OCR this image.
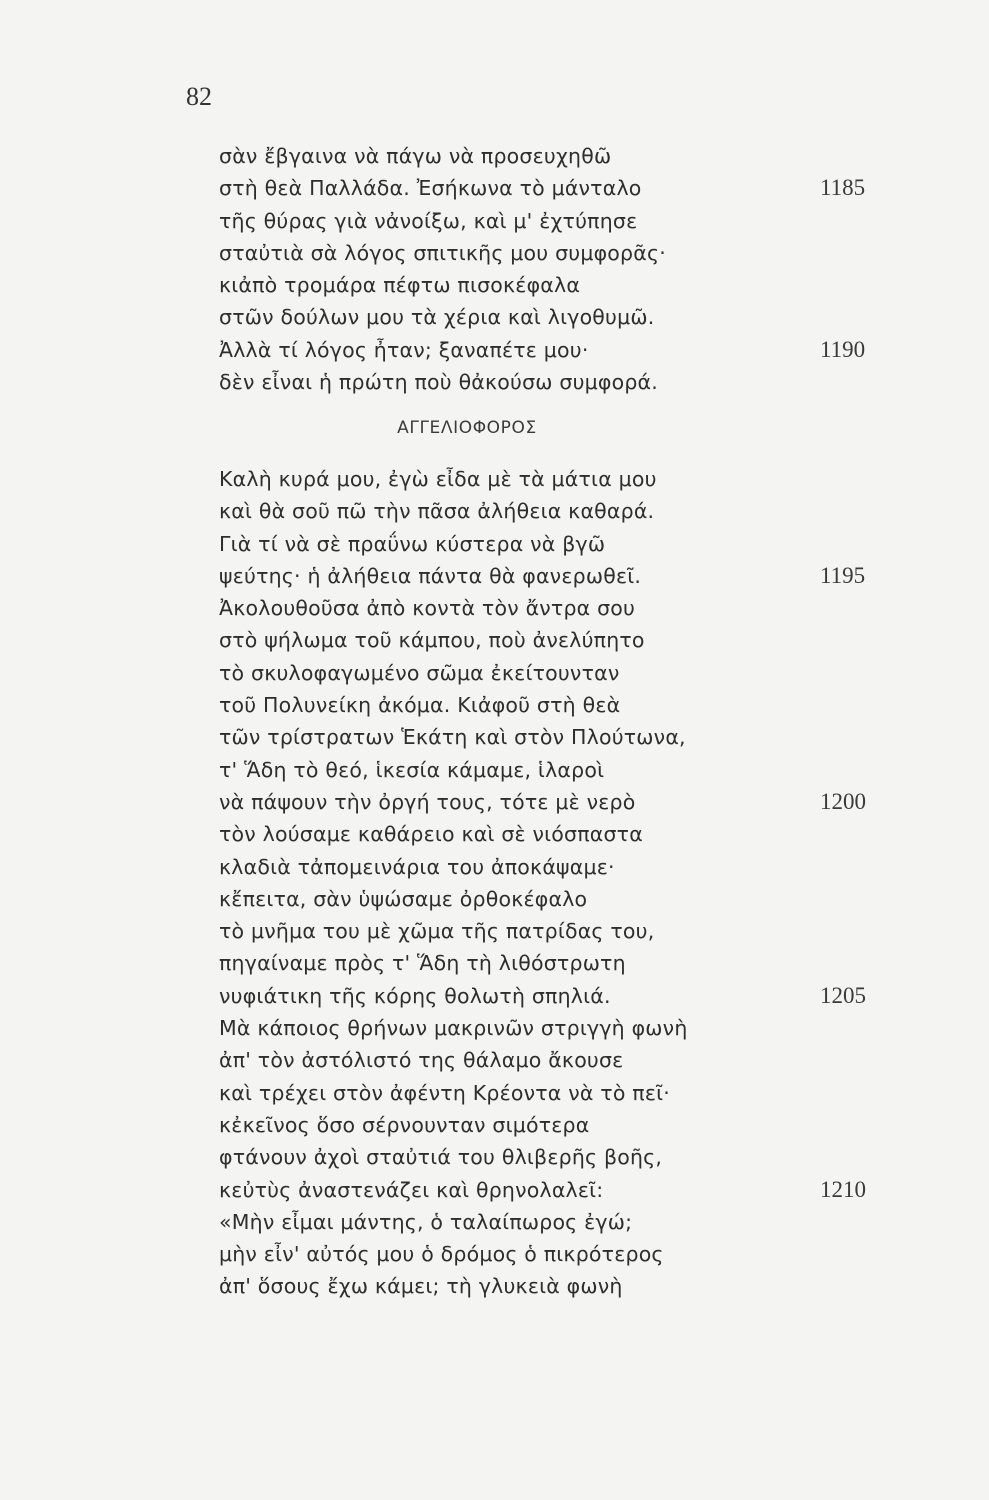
82
σὰν ἔβγαινα νὰ πάγω νὰ προσευχηθῶ
στὴ θεὰ Παλλάδα. Ἐσήκωνα τὸ μάνταλο	1185
τῆς θύρας γιὰ νἀνοίξω, καὶ μ' ἐχτύπησε
σταὐτιὰ σὰ λόγος σπιτικῆς μου συμφορᾶς·
κιἀπὸ τρομάρα πέφτω πισοκέφαλα
στῶν δούλων μου τὰ χέρια καὶ λιγοθυμῶ.
Ἀλλὰ τί λόγος ἦταν; ξαναπέτε μου·	1190
δὲν εἶναι ἡ πρώτη ποὺ θἀκούσω συμφορά.
ΑΓΓΕΛΙΟΦΟΡΟΣ
Καλὴ κυρά μου, ἐγὼ εἶδα μὲ τὰ μάτια μου
καὶ θὰ σοῦ πῶ τὴν πᾶσα ἀλήθεια καθαρά.
Γιὰ τί νὰ σὲ πραΰνω κύστερα νὰ βγῶ
ψεύτης· ἡ ἀλήθεια πάντα θὰ φανερωθεῖ.	1195
Ἀκολουθοῦσα ἀπὸ κοντὰ τὸν ἄντρα σου
στὸ ψήλωμα τοῦ κάμπου, ποὺ ἀνελύπητο
τὸ σκυλοφαγωμένο σῶμα ἐκείτουνταν
τοῦ Πολυνείκη ἀκόμα. Κιἀφοῦ στὴ θεὰ
τῶν τρίστρατων Ἑκάτη καὶ στὸν Πλούτωνα,
τ' Ἅδη τὸ θεό, ἱκεσία κάμαμε, ἱλαροὶ
νὰ πάψουν τὴν ὀργή τους, τότε μὲ νερὸ	1200
τὸν λούσαμε καθάρειο καὶ σὲ νιόσπαστα
κλαδιὰ τἀπομεινάρια του ἀποκάψαμε·
κἔπειτα, σὰν ὑψώσαμε ὀρθοκέφαλο
τὸ μνῆμα του μὲ χῶμα τῆς πατρίδας του,
πηγαίναμε πρὸς τ' Ἅδη τὴ λιθόστρωτη
νυφιάτικη τῆς κόρης θολωτὴ σπηλιά.	1205
Μὰ κάποιος θρήνων μακρινῶν στριγγὴ φωνὴ
ἀπ' τὸν ἀστόλιστό της θάλαμο ἄκουσε
καὶ τρέχει στὸν ἀφέντη Κρέοντα νὰ τὸ πεῖ·
κἐκεῖνος ὅσο σέρνουνταν σιμότερα
φτάνουν ἀχοὶ σταὐτιά του θλιβερῆς βοῆς,
κεὐτὺς ἀναστενάζει καὶ θρηνολαλεῖ:	1210
«Μὴν εἶμαι μάντης, ὁ ταλαίπωρος ἐγώ;
μὴν εἶν' αὐτός μου ὁ δρόμος ὁ πικρότερος
ἀπ' ὅσους ἔχω κάμει; τὴ γλυκειὰ φωνὴ
